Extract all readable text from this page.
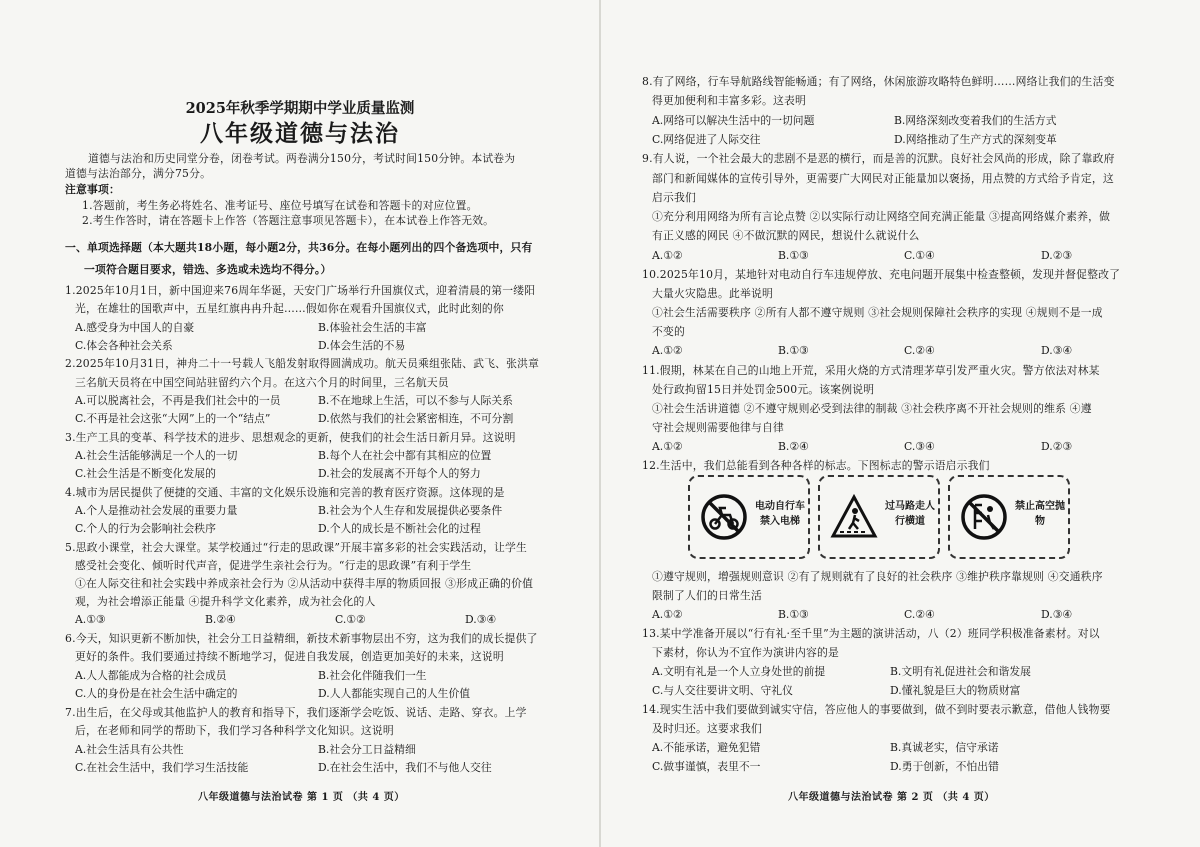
2025年秋季学期期中学业质量监测
八年级道德与法治
道德与法治和历史同堂分卷，闭卷考试。两卷满分150分，考试时间150分钟。本试卷为
道德与法治部分，满分75分。
注意事项：
1.答题前，考生务必将姓名、准考证号、座位号填写在试卷和答题卡的对应位置。
2.考生作答时，请在答题卡上作答（答题注意事项见答题卡），在本试卷上作答无效。
一、单项选择题（本大题共18小题，每小题2分，共36分。在每小题列出的四个备选项中，只有
一项符合题目要求，错选、多选或未选均不得分。）
1.2025年10月1日，新中国迎来76周年华诞，天安门广场举行升国旗仪式，迎着清晨的第一缕阳
光，在雄壮的国歌声中，五星红旗冉冉升起……假如你在观看升国旗仪式，此时此刻的你
A.感受身为中国人的自豪	B.体验社会生活的丰富
C.体会各种社会关系	D.体会生活的不易
2.2025年10月31日，神舟二十一号载人飞船发射取得圆满成功。航天员乘组张陆、武飞、张洪章
三名航天员将在中国空间站驻留约六个月。在这六个月的时间里，三名航天员
A.可以脱离社会，不再是我们社会中的一员	B.不在地球上生活，可以不参与人际关系
C.不再是社会这张“大网”上的一个“结点”	D.依然与我们的社会紧密相连，不可分割
3.生产工具的变革、科学技术的进步、思想观念的更新，使我们的社会生活日新月异。这说明
A.社会生活能够满足一个人的一切	B.每个人在社会中都有其相应的位置
C.社会生活是不断变化发展的	D.社会的发展离不开每个人的努力
4.城市为居民提供了便捷的交通、丰富的文化娱乐设施和完善的教育医疗资源。这体现的是
A.个人是推动社会发展的重要力量	B.社会为个人生存和发展提供必要条件
C.个人的行为会影响社会秩序	D.个人的成长是不断社会化的过程
5.思政小课堂，社会大课堂。某学校通过“行走的思政课”开展丰富多彩的社会实践活动，让学生
感受社会变化、倾听时代声音，促进学生亲社会行为。“行走的思政课”有利于学生
①在人际交往和社会实践中养成亲社会行为 ②从活动中获得丰厚的物质回报 ③形成正确的价值
观，为社会增添正能量 ④提升科学文化素养，成为社会化的人
A.①③	B.②④	C.①②	D.③④
6.今天，知识更新不断加快，社会分工日益精细，新技术新事物层出不穷，这为我们的成长提供了
更好的条件。我们要通过持续不断地学习，促进自我发展，创造更加美好的未来，这说明
A.人人都能成为合格的社会成员	B.社会化伴随我们一生
C.人的身份是在社会生活中确定的	D.人人都能实现自己的人生价值
7.出生后，在父母或其他监护人的教育和指导下，我们逐渐学会吃饭、说话、走路、穿衣。上学
后，在老师和同学的帮助下，我们学习各种科学文化知识。这说明
A.社会生活具有公共性	B.社会分工日益精细
C.在社会生活中，我们学习生活技能	D.在社会生活中，我们不与他人交往
八年级道德与法治试卷 第 1 页 （共 4 页）
8.有了网络，行车导航路线智能畅通；有了网络，休闲旅游攻略特色鲜明……网络让我们的生活变
得更加便利和丰富多彩。这表明
A.网络可以解决生活中的一切问题	B.网络深刻改变着我们的生活方式
C.网络促进了人际交往	D.网络推动了生产方式的深刻变革
9.有人说，一个社会最大的悲剧不是恶的横行，而是善的沉默。良好社会风尚的形成，除了靠政府
部门和新闻媒体的宣传引导外，更需要广大网民对正能量加以褒扬，用点赞的方式给予肯定，这
启示我们
①充分利用网络为所有言论点赞 ②以实际行动让网络空间充满正能量 ③提高网络媒介素养，做
有正义感的网民 ④不做沉默的网民，想说什么就说什么
A.①②	B.①③	C.①④	D.②③
10.2025年10月，某地针对电动自行车违规停放、充电问题开展集中检查整顿，发现并督促整改了
大量火灾隐患。此举说明
①社会生活需要秩序 ②所有人都不遵守规则 ③社会规则保障社会秩序的实现 ④规则不是一成
不变的
A.①②	B.①③	C.②④	D.③④
11.假期，林某在自己的山地上开荒，采用火烧的方式清理茅草引发严重火灾。警方依法对林某
处行政拘留15日并处罚金500元。该案例说明
①社会生活讲道德 ②不遵守规则必受到法律的制裁 ③社会秩序离不开社会规则的维系 ④遵
守社会规则需要他律与自律
A.①②	B.②④	C.③④	D.②③
12.生活中，我们总能看到各种各样的标志。下图标志的警示语启示我们
电动自行车禁入电梯
过马路走人行横道
禁止高空抛物
①遵守规则，增强规则意识 ②有了规则就有了良好的社会秩序 ③维护秩序靠规则 ④交通秩序
限制了人们的日常生活
A.①②	B.①③	C.②④	D.③④
13.某中学准备开展以“行有礼·至千里”为主题的演讲活动，八（2）班同学积极准备素材。对以
下素材，你认为不宜作为演讲内容的是
A.文明有礼是一个人立身处世的前提	B.文明有礼促进社会和谐发展
C.与人交往要讲文明、守礼仪	D.懂礼貌是巨大的物质财富
14.现实生活中我们要做到诚实守信，答应他人的事要做到，做不到时要表示歉意，借他人钱物要
及时归还。这要求我们
A.不能承诺，避免犯错	B.真诚老实，信守承诺
C.做事谨慎，表里不一	D.勇于创新，不怕出错
八年级道德与法治试卷 第 2 页 （共 4 页）
